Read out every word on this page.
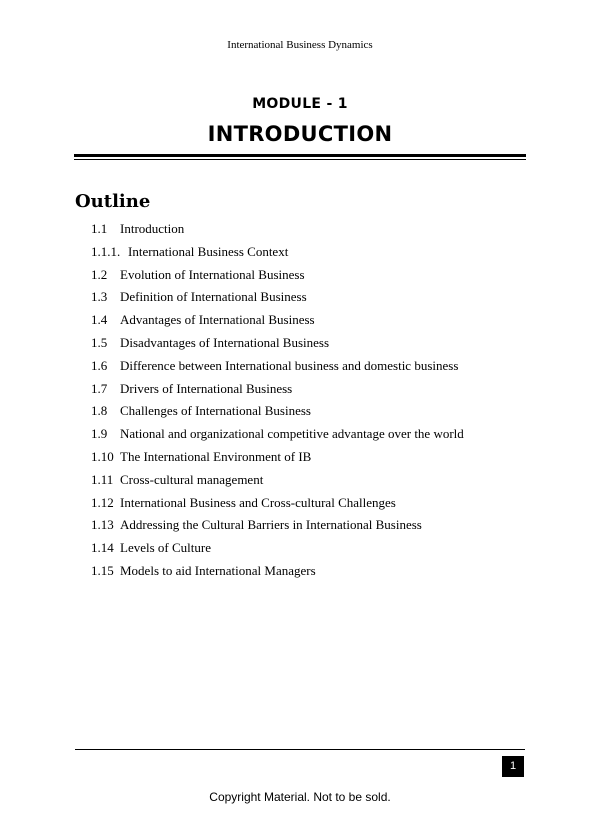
International Business Dynamics
MODULE - 1
INTRODUCTION
Outline
1.1 Introduction
1.1.1. International Business Context
1.2 Evolution of International Business
1.3 Definition of International Business
1.4 Advantages of International Business
1.5 Disadvantages of International Business
1.6 Difference between International business and domestic business
1.7 Drivers of International Business
1.8 Challenges of International Business
1.9 National and organizational competitive advantage over the world
1.10 The International Environment of IB
1.11 Cross-cultural management
1.12 International Business and Cross-cultural Challenges
1.13 Addressing the Cultural Barriers in International Business
1.14 Levels of Culture
1.15 Models to aid International Managers
1
Copyright Material. Not to be sold.
